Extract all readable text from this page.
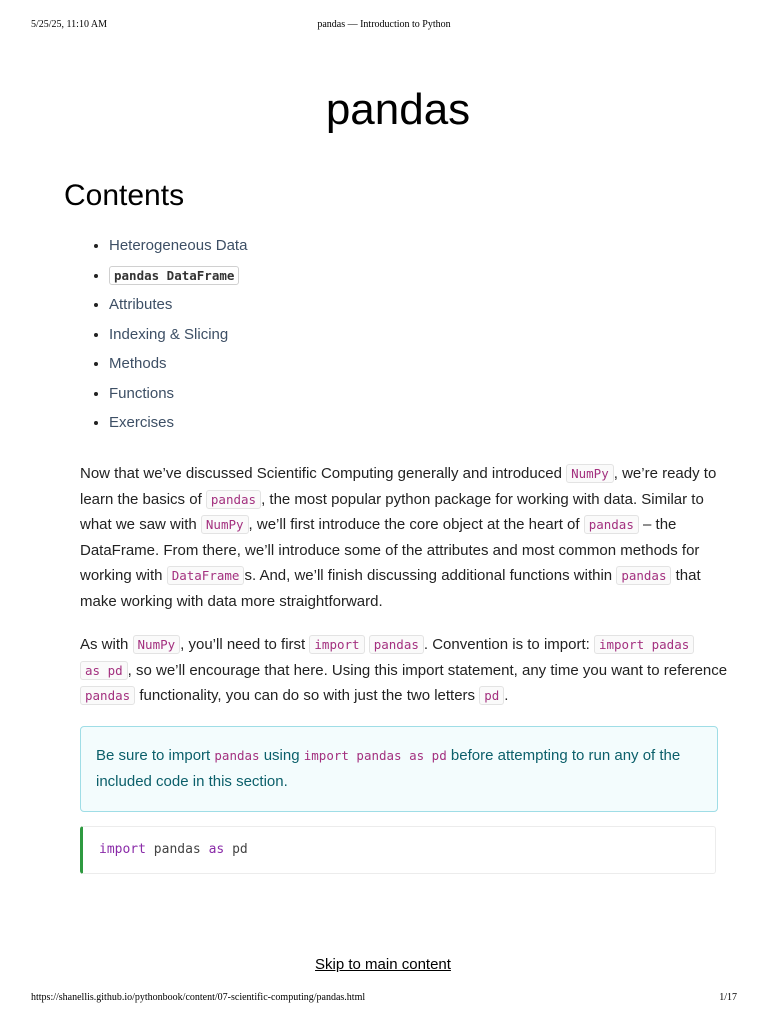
5/25/25, 11:10 AM	pandas — Introduction to Python
pandas
Contents
• Heterogeneous Data
• pandas DataFrame
• Attributes
• Indexing & Slicing
• Methods
• Functions
• Exercises

Now that we’ve discussed Scientific Computing generally and introduced NumPy , we’re ready to learn the basics of pandas , the most popular python package for working with data. Similar to what we saw with NumPy , we’ll first introduce the core object at the heart of pandas – the DataFrame. From there, we’ll introduce some of the attributes and most common methods for working with DataFrame s. And, we’ll finish discussing additional functions within pandas that make working with data more straightforward.

As with NumPy , you’ll need to first import pandas . Convention is to import: import padas
as pd , so we’ll encourage that here. Using this import statement, any time you want to reference pandas functionality, you can do so with just the two letters pd .

Be sure to import pandas using import pandas as pd before attempting to run any of the included code in this section.
import pandas as pd
Skip to main content
https://shanellis.github.io/pythonbook/content/07-scientific-computing/pandas.html	1/17
